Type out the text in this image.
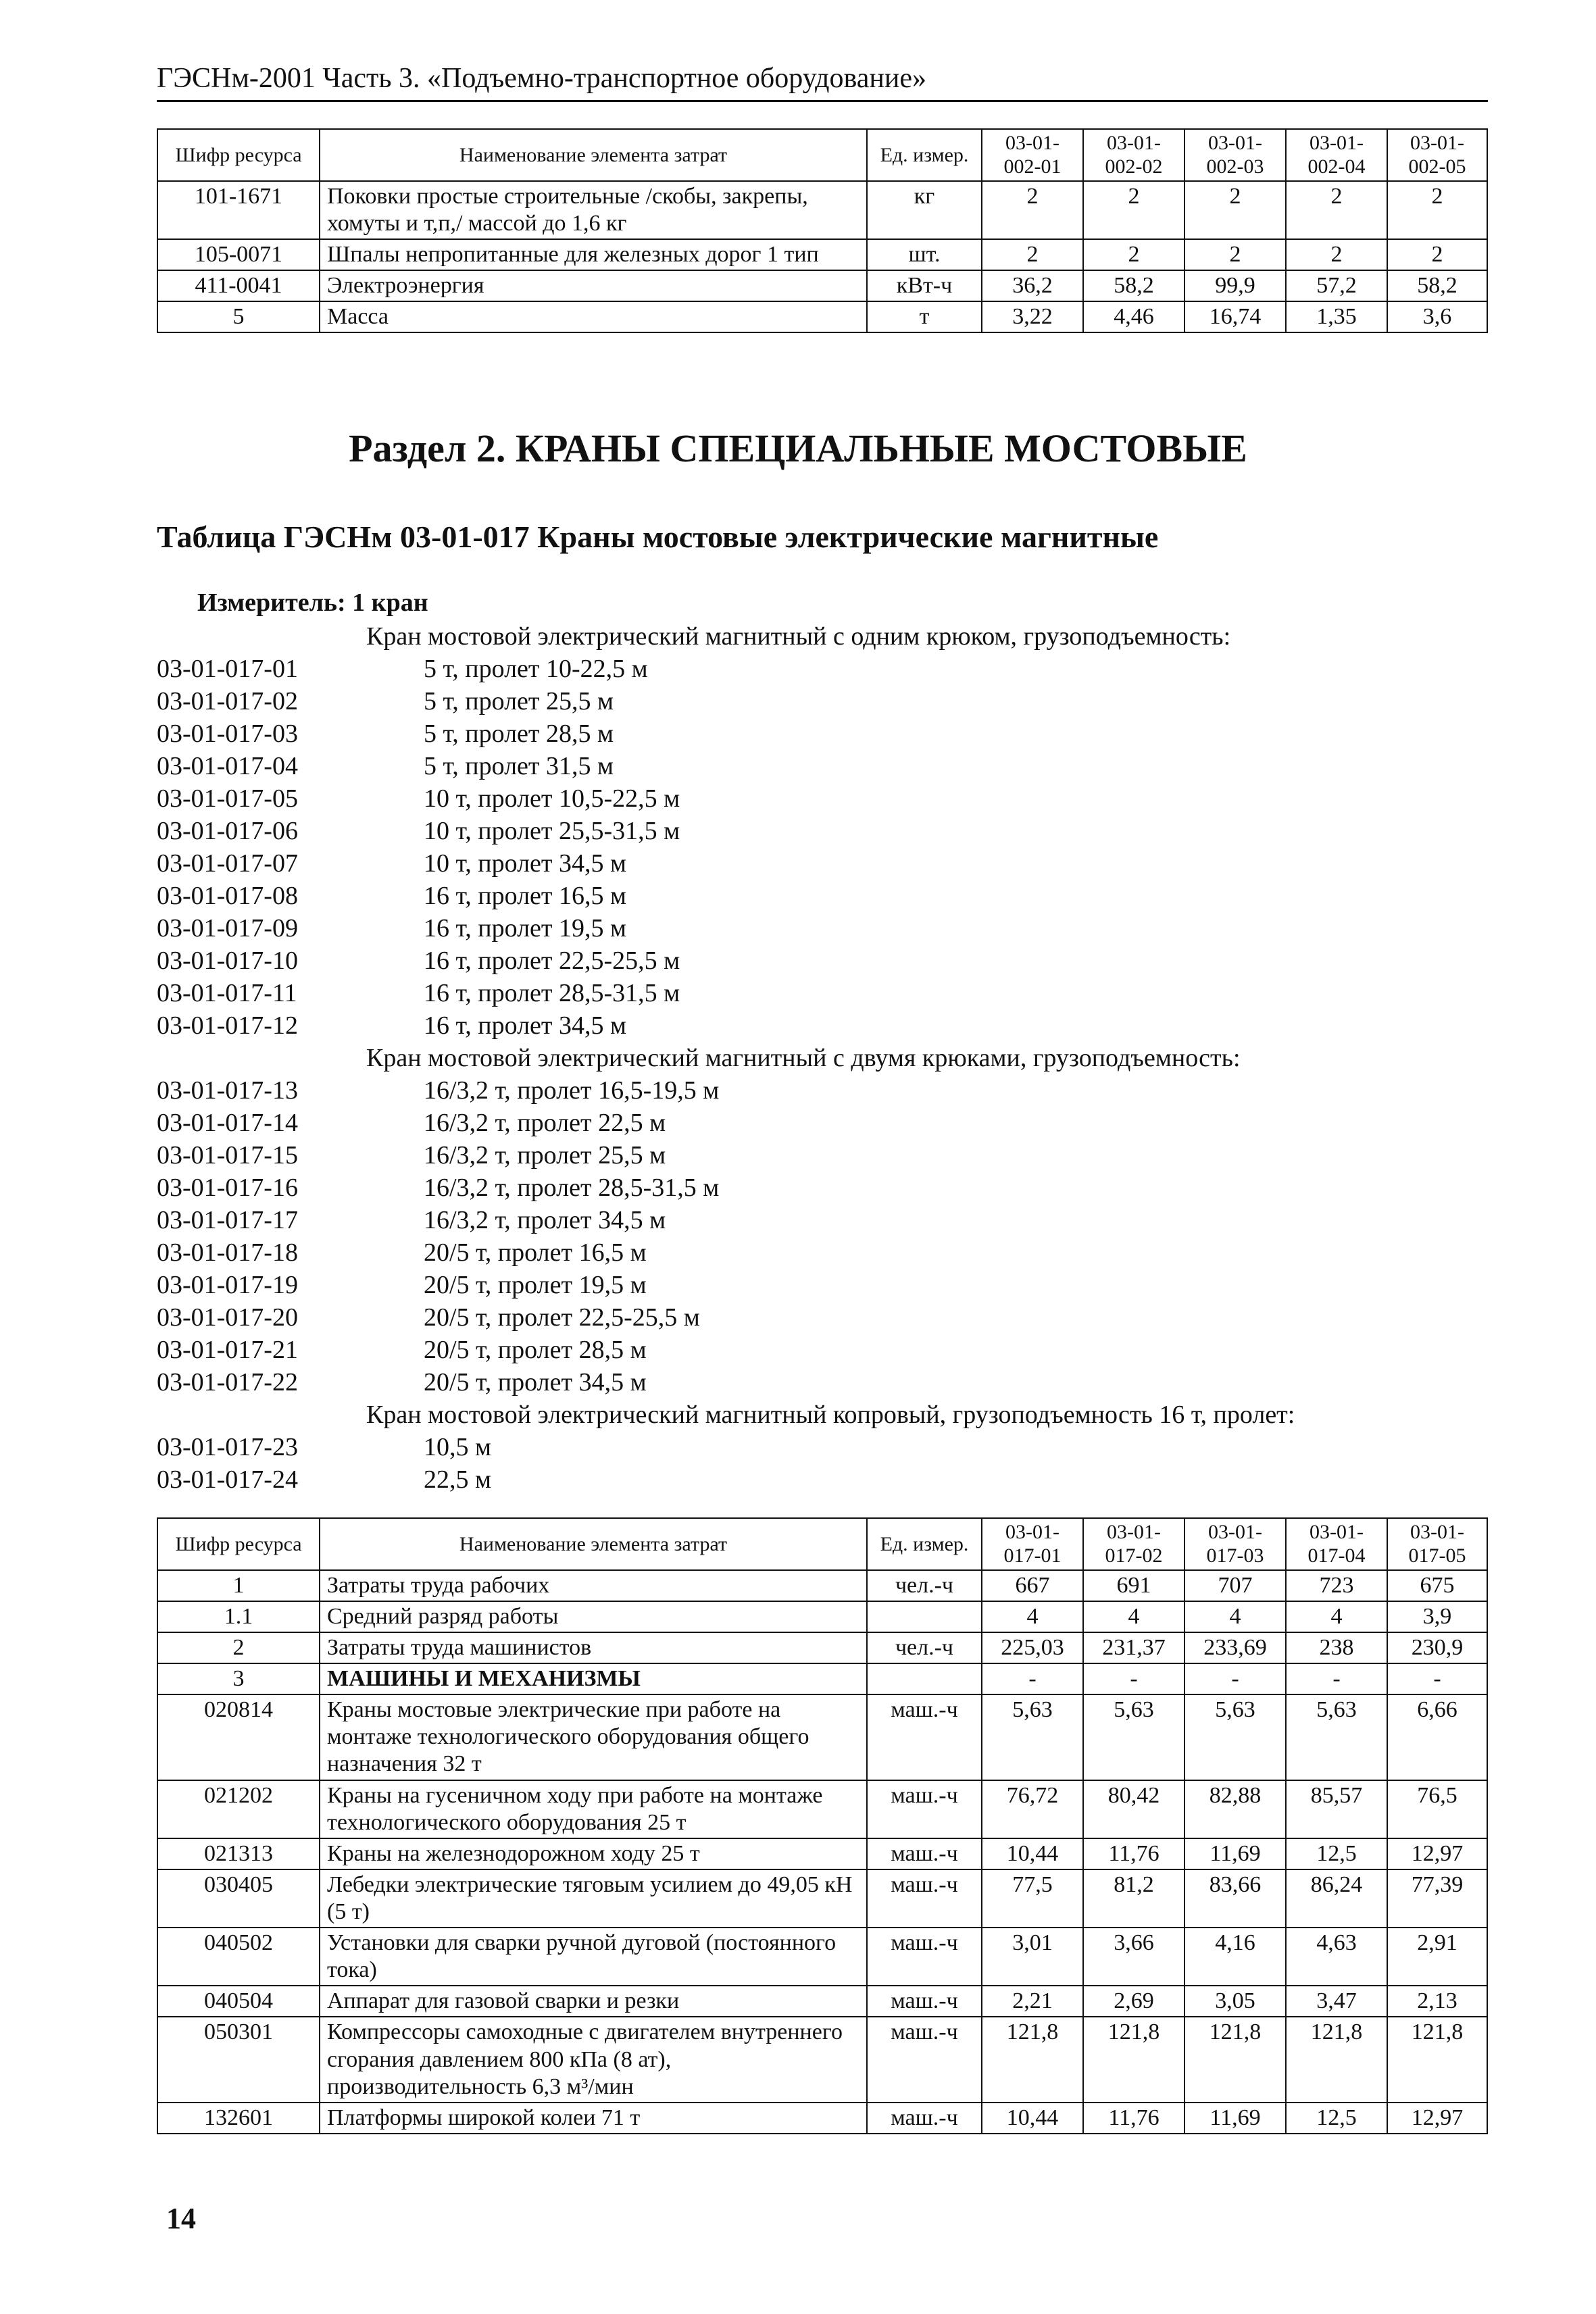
ГЭСНм-2001 Часть 3. «Подъемно-транспортное оборудование»
Шифр ресурса	Наименование элемента затрат	Ед. измер.	03-01-002-01	03-01-002-02	03-01-002-03	03-01-002-04	03-01-002-05
101-1671	Поковки простые строительные /скобы, закрепы, хомуты и т,п,/ массой до 1,6 кг	кг	2	2	2	2	2
105-0071	Шпалы непропитанные для железных дорог 1 тип	шт.	2	2	2	2	2
411-0041	Электроэнергия	кВт-ч	36,2	58,2	99,9	57,2	58,2
5	Масса	т	3,22	4,46	16,74	1,35	3,6
Раздел 2. КРАНЫ СПЕЦИАЛЬНЫЕ МОСТОВЫЕ
Таблица ГЭСНм 03-01-017 Краны мостовые электрические магнитные
Измеритель: 1 кран
Кран мостовой электрический магнитный с одним крюком, грузоподъемность:
03-01-017-01	5 т, пролет 10-22,5 м
03-01-017-02	5 т, пролет 25,5 м
03-01-017-03	5 т, пролет 28,5 м
03-01-017-04	5 т, пролет 31,5 м
03-01-017-05	10 т, пролет 10,5-22,5 м
03-01-017-06	10 т, пролет 25,5-31,5 м
03-01-017-07	10 т, пролет 34,5 м
03-01-017-08	16 т, пролет 16,5 м
03-01-017-09	16 т, пролет 19,5 м
03-01-017-10	16 т, пролет 22,5-25,5 м
03-01-017-11	16 т, пролет 28,5-31,5 м
03-01-017-12	16 т, пролет 34,5 м
Кран мостовой электрический магнитный с двумя крюками, грузоподъемность:
03-01-017-13	16/3,2 т, пролет 16,5-19,5 м
03-01-017-14	16/3,2 т, пролет 22,5 м
03-01-017-15	16/3,2 т, пролет 25,5 м
03-01-017-16	16/3,2 т, пролет 28,5-31,5 м
03-01-017-17	16/3,2 т, пролет 34,5 м
03-01-017-18	20/5 т, пролет 16,5 м
03-01-017-19	20/5 т, пролет 19,5 м
03-01-017-20	20/5 т, пролет 22,5-25,5 м
03-01-017-21	20/5 т, пролет 28,5 м
03-01-017-22	20/5 т, пролет 34,5 м
Кран мостовой электрический магнитный копровый, грузоподъемность 16 т, пролет:
03-01-017-23	10,5 м
03-01-017-24	22,5 м
Шифр ресурса	Наименование элемента затрат	Ед. измер.	03-01-017-01	03-01-017-02	03-01-017-03	03-01-017-04	03-01-017-05
1	Затраты труда рабочих	чел.-ч	667	691	707	723	675
1.1	Средний разряд работы		4	4	4	4	3,9
2	Затраты труда машинистов	чел.-ч	225,03	231,37	233,69	238	230,9
3	МАШИНЫ И МЕХАНИЗМЫ		-	-	-	-	-
020814	Краны мостовые электрические при работе на монтаже технологического оборудования общего назначения 32 т	маш.-ч	5,63	5,63	5,63	5,63	6,66
021202	Краны на гусеничном ходу при работе на монтаже технологического оборудования 25 т	маш.-ч	76,72	80,42	82,88	85,57	76,5
021313	Краны на железнодорожном ходу 25 т	маш.-ч	10,44	11,76	11,69	12,5	12,97
030405	Лебедки электрические тяговым усилием до 49,05 кН (5 т)	маш.-ч	77,5	81,2	83,66	86,24	77,39
040502	Установки для сварки ручной дуговой (постоянного тока)	маш.-ч	3,01	3,66	4,16	4,63	2,91
040504	Аппарат для газовой сварки и резки	маш.-ч	2,21	2,69	3,05	3,47	2,13
050301	Компрессоры самоходные с двигателем внутреннего сгорания давлением 800 кПа (8 ат), производительность 6,3 м³/мин	маш.-ч	121,8	121,8	121,8	121,8	121,8
132601	Платформы широкой колеи 71 т	маш.-ч	10,44	11,76	11,69	12,5	12,97
14
